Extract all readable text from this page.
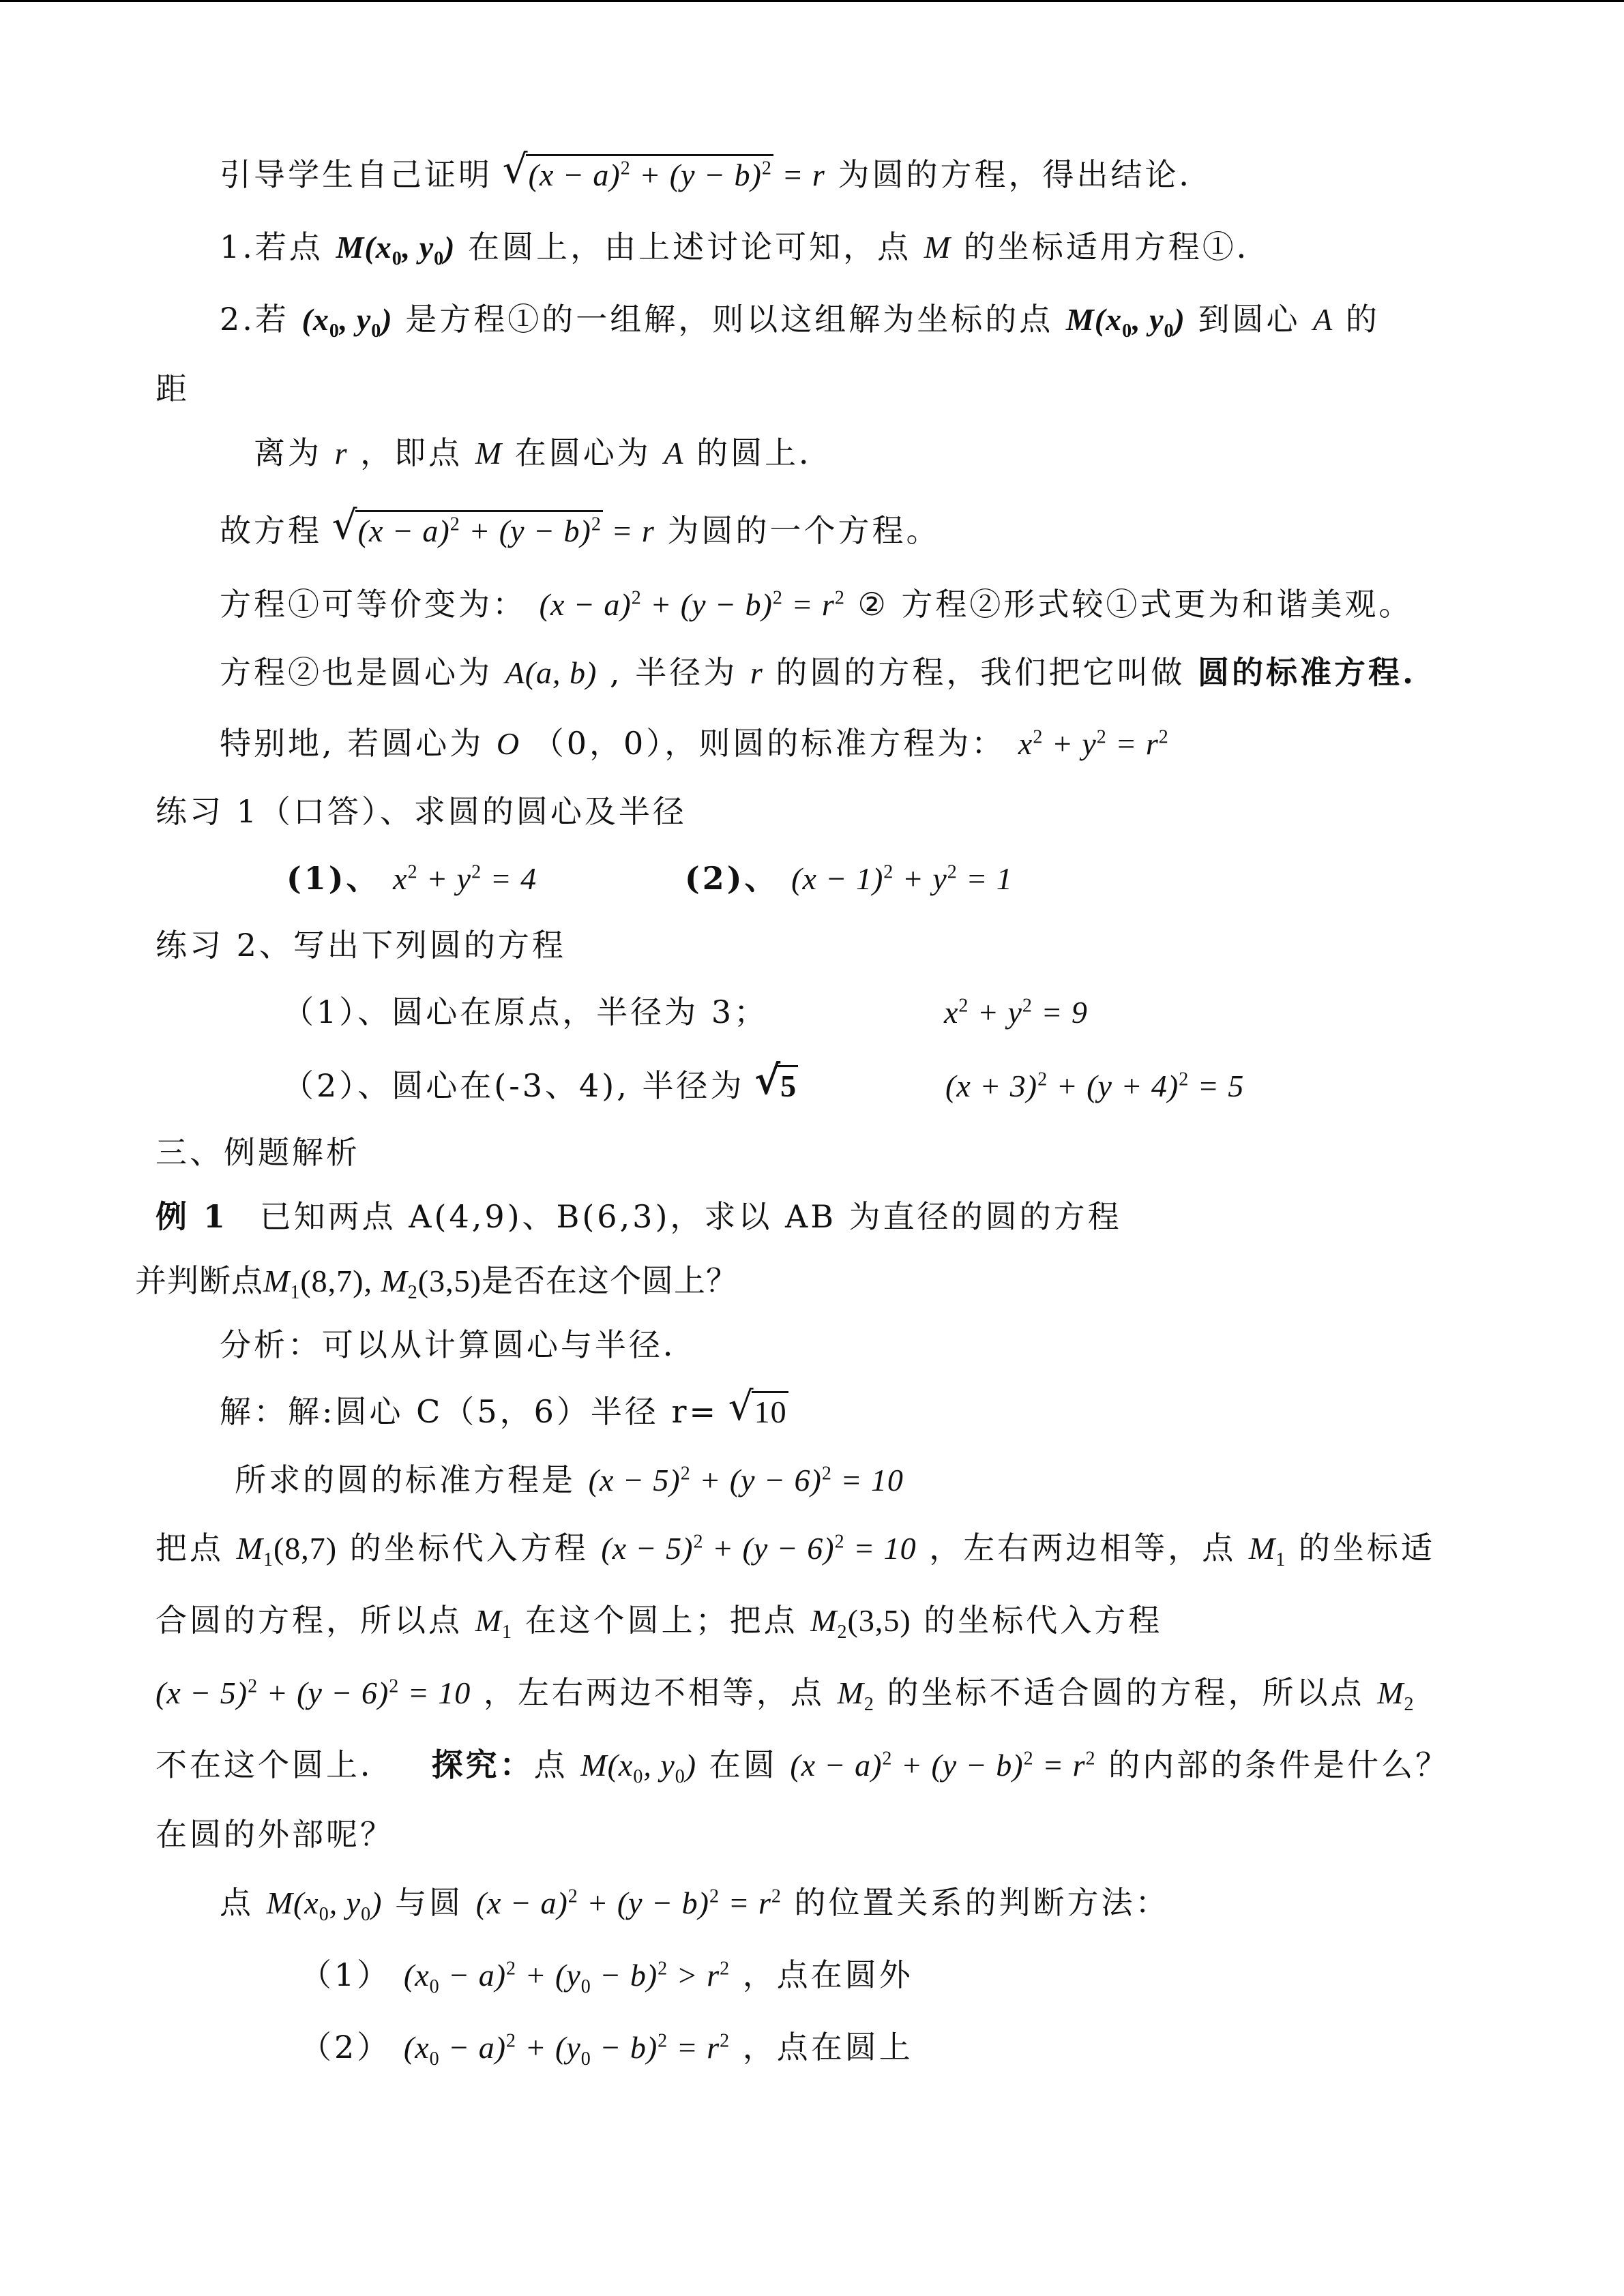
引导学生自己证明 √ $(x - a)^2 + (y - b)^2 = r$ 为圆的方程，得出结论．
1.若点 $M(x_0$, $y_0$) 在圆上，由上述讨论可知，点 M 的坐标适用方程①．
2.若 ($x_0$, $y_0$) 是方程①的一组解，则以这组解为坐标的点 $M(x_0$, $y_0$) 到圆心 A 的
距
离为 r ，即点 M 在圆心为 A 的圆上．
故方程 √ $(x - a)^2 + (y - b)^2 = r$ 为圆的一个方程。
方程①可等价变为： $(x - a)^2 + (y - b)^2 = r^2$ ② 方程②形式较①式更为和谐美观。
方程②也是圆心为 A(a, b) , 半径为 r 的圆的方程，我们把它叫做 圆的标准方程.
特别地, 若圆心为 O （0，0），则圆的标准方程为： $x^2 + y^2 = r^2$
练习 1（口答）、求圆的圆心及半径
(1)、 $x^2 + y^2 = 4$	(2)、 $(x - 1)^2 + y^2 = 1$
练习 2、写出下列圆的方程
（1）、圆心在原点，半径为 3；	$x^2 + y^2 = 9$
（2）、圆心在(-3、4), 半径为 √ 5	$(x + 3)^2 + (y + 4)^2 = 5$
三、例题解析
例 1 已知两点 A(4,9)、B(6,3)，求以 AB 为直径的圆的方程
并判断点$M_1(8,7)$, $M_2(3,5)$是否在这个圆上？
分析：可以从计算圆心与半径．
解：解:圆心 C（5，6）半径 r= √ 10
所求的圆的标准方程是 $(x - 5)^2 + (y - 6)^2 = 10$
把点 $M_1(8,7)$ 的坐标代入方程 $(x - 5)^2 + (y - 6)^2 = 10$ ，左右两边相等，点 $M_1$ 的坐标适
合圆的方程，所以点 $M_1$ 在这个圆上；把点 $M_2(3,5)$ 的坐标代入方程
$(x - 5)^2 + (y - 6)^2 = 10$ ，左右两边不相等，点 $M_2$ 的坐标不适合圆的方程，所以点 $M_2$
不在这个圆上． 探究：点 $M(x_0$, $y_0$) 在圆 $(x - a)^2 + (y - b)^2 = r^2$ 的内部的条件是什么？
在圆的外部呢？
点 $M(x_0$, $y_0$) 与圆 $(x - a)^2 + (y - b)^2 = r^2$ 的位置关系的判断方法：
（1） $(x_0 - a)^2 + (y_0 - b)^2 > r^2$ ，点在圆外
（2） $(x_0 - a)^2 + (y_0 - b)^2 = r^2$ ，点在圆上
